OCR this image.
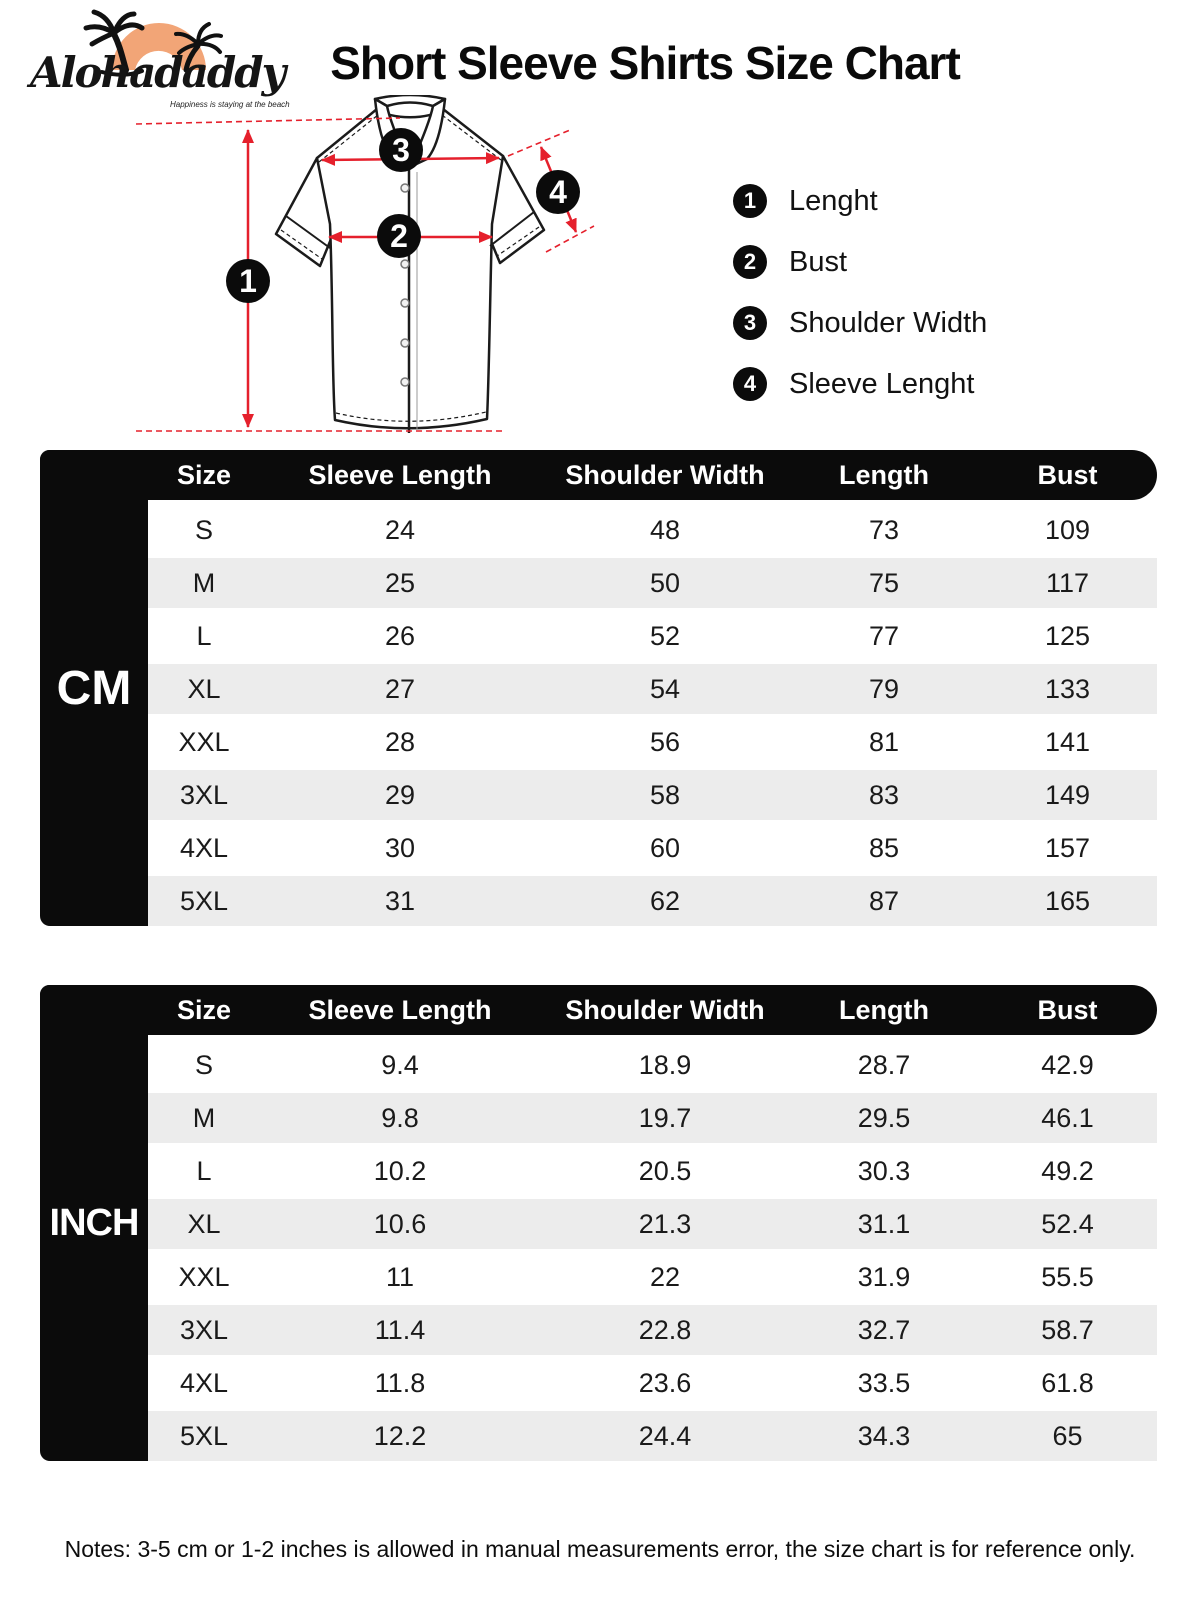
Alohadaddy
Happiness is staying at the beach
Short Sleeve Shirts Size Chart
1
2
3
4	1	Lenght
2	Bust
3	Shoulder Width
4	Sleeve Lenght
CM
Size	Sleeve Length	Shoulder Width	Length	Bust
S	24	48	73	109
M	25	50	75	117
L	26	52	77	125
XL	27	54	79	133
XXL	28	56	81	141
3XL	29	58	83	149
4XL	30	60	85	157
5XL	31	62	87	165
INCH
Size	Sleeve Length	Shoulder Width	Length	Bust
S	9.4	18.9	28.7	42.9
M	9.8	19.7	29.5	46.1
L	10.2	20.5	30.3	49.2
XL	10.6	21.3	31.1	52.4
XXL	11	22	31.9	55.5
3XL	11.4	22.8	32.7	58.7
4XL	11.8	23.6	33.5	61.8
5XL	12.2	24.4	34.3	65
Notes: 3-5 cm or 1-2 inches is allowed in manual measurements error, the size chart is for reference only.
